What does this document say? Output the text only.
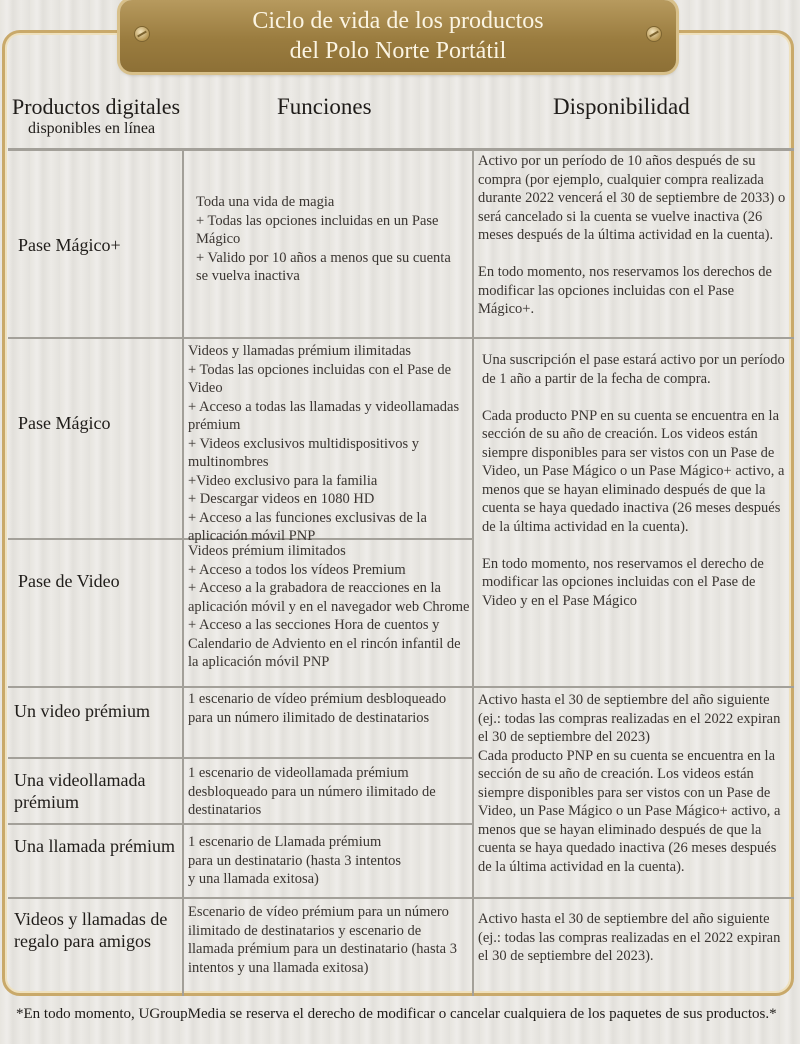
Ciclo de vida de los productos
del Polo Norte Portátil
Productos digitales
disponibles en línea
Funciones	Disponibilidad
Pase Mágico+
Pase Mágico
Pase de Video
Un video prémium
Una videollamada prémium
Una llamada prémium
Videos y llamadas de regalo para amigos
Toda una vida de magia
+ Todas las opciones incluidas en un Pase Mágico
+ Valido por 10 años a menos que su cuenta se vuelva inactiva
Videos y llamadas prémium ilimitadas
+ Todas las opciones incluidas con el Pase de Video
+ Acceso a todas las llamadas y videollamadas prémium
+ Videos exclusivos multidispositivos y multinombres
+Video exclusivo para la familia
+ Descargar videos en 1080 HD
+ Acceso a las funciones exclusivas de la aplicación móvil PNP
Videos prémium ilimitados
+ Acceso a todos los vídeos Premium
+ Acceso a la grabadora de reacciones en la aplicación móvil y en el navegador web Chrome
+ Acceso a las secciones Hora de cuentos y Calendario de Adviento en el rincón infantil de la aplicación móvil PNP
1 escenario de vídeo prémium desbloqueado para un número ilimitado de destinatarios
1 escenario de videollamada prémium desbloqueado para un número ilimitado de destinatarios
1 escenario de Llamada prémium
para un destinatario (hasta 3 intentos
y una llamada exitosa)
Escenario de vídeo prémium para un número ilimitado de destinatarios y escenario de llamada prémium para un destinatario (hasta 3 intentos y una llamada exitosa)
Activo por un período de 10 años después de su compra (por ejemplo, cualquier compra realizada durante 2022 vencerá el 30 de septiembre de 2033) o será cancelado si la cuenta se vuelve inactiva (26 meses después de la última actividad en la cuenta).

En todo momento, nos reservamos los derechos de modificar las opciones incluidas con el Pase Mágico+.
Una suscripción el pase estará activo por un período de 1 año a partir de la fecha de compra.

Cada producto PNP en su cuenta se encuentra en la sección de su año de creación. Los videos están siempre disponibles para ser vistos con un Pase de Video, un Pase Mágico o un Pase Mágico+ activo, a menos que se hayan eliminado después de que la cuenta se haya quedado inactiva (26 meses después de la última actividad en la cuenta).

En todo momento, nos reservamos el derecho de modificar las opciones incluidas con el Pase de Video y en el Pase Mágico
Activo hasta el 30 de septiembre del año siguiente (ej.: todas las compras realizadas en el 2022 expiran el 30 de septiembre del 2023)
Cada producto PNP en su cuenta se encuentra en la sección de su año de creación. Los videos están siempre disponibles para ser vistos con un Pase de Video, un Pase Mágico o un Pase Mágico+ activo, a menos que se hayan eliminado después de que la cuenta se haya quedado inactiva (26 meses después de la última actividad en la cuenta).
Activo hasta el 30 de septiembre del año siguiente (ej.: todas las compras realizadas en el 2022 expiran el 30 de septiembre del 2023).
*En todo momento, UGroupMedia se reserva el derecho de modificar o cancelar cualquiera de los paquetes de sus productos.*
